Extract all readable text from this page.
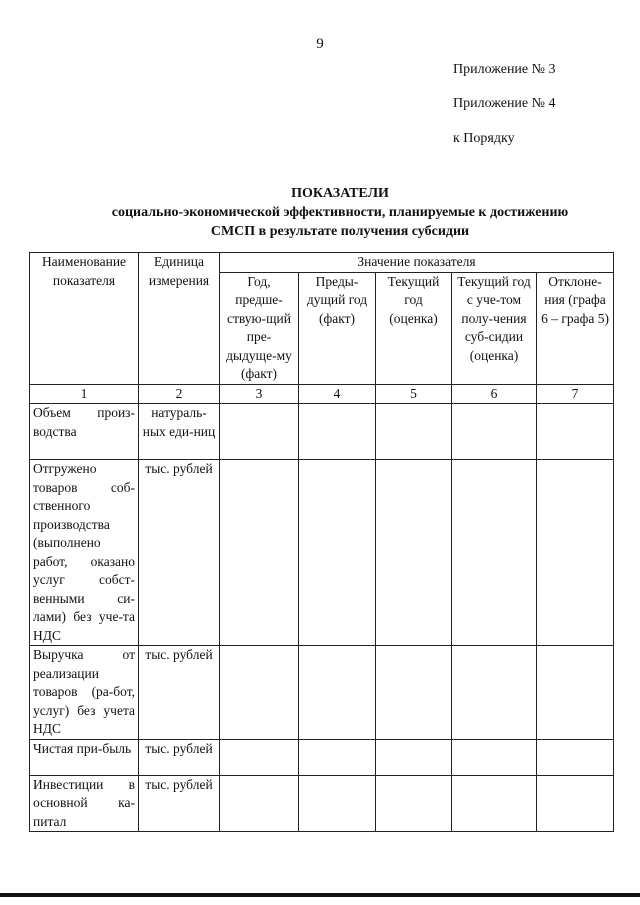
9
Приложение № 3
Приложение № 4
к Порядку
ПОКАЗАТЕЛИ
социально-экономической эффективности, планируемые к достижению
СМСП в результате получения субсидии
Наименование показателя	Единица измерения	Значение показателя				
		Год, предше-ствую-щий пре-дыдуще-му (факт)	Преды-дущий год (факт)	Текущий год (оценка)	Текущий год с уче-том полу-чения суб-сидии (оценка)	Отклоне-ния (графа 6 – графа 5)
1	2	3	4	5	6	7
Объем произ-водства	натураль-ных еди-ниц					
Отгружено товаров соб-ственного производства (выполнено работ, оказано услуг собст-венными си-лами) без уче-та НДС	тыс. рублей					
Выручка от реализации товаров (ра-бот, услуг) без учета НДС	тыс. рублей					
Чистая при-быль	тыс. рублей					
Инвестиции в основной ка-питал	тыс. рублей					
